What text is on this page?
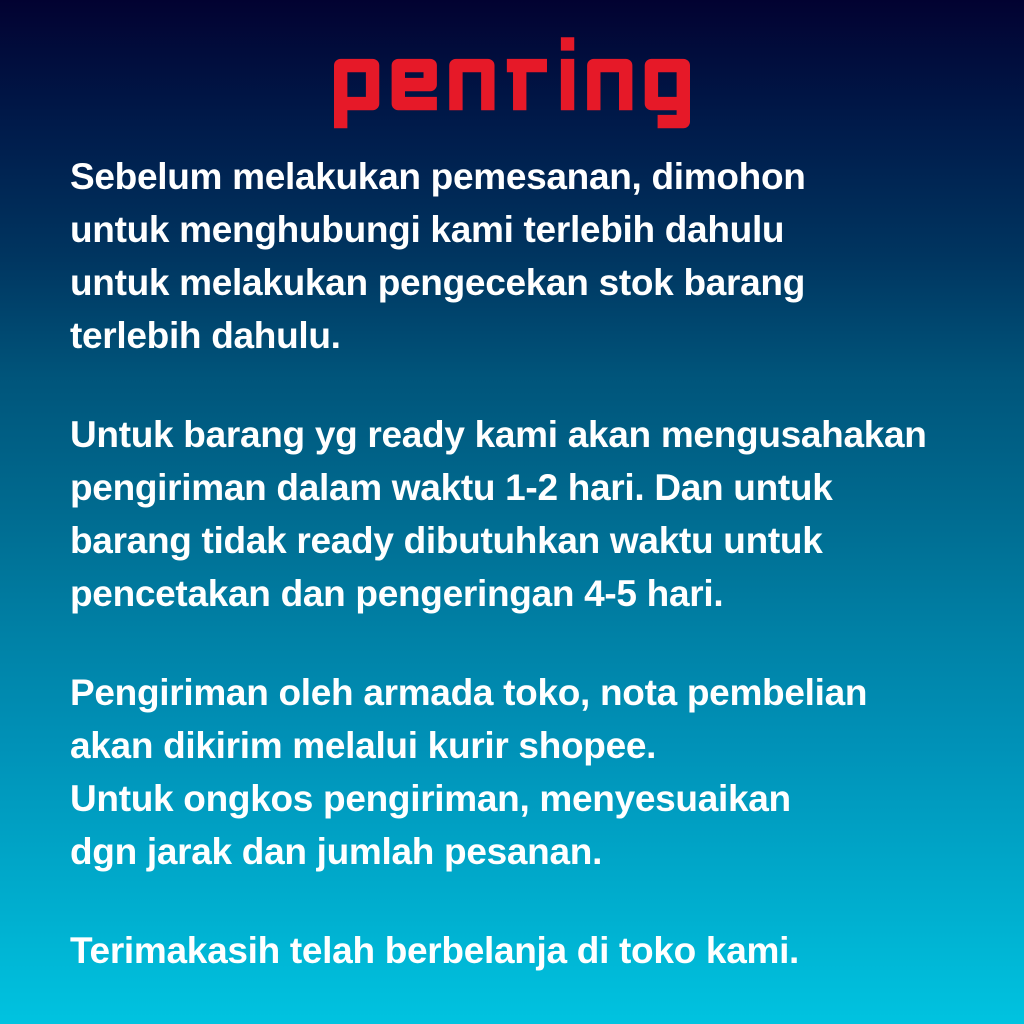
Sebelum melakukan pemesanan, dimohon
untuk menghubungi kami terlebih dahulu
untuk melakukan pengecekan stok barang
terlebih dahulu.
Untuk barang yg ready kami akan mengusahakan
pengiriman dalam waktu 1-2 hari. Dan untuk
barang tidak ready dibutuhkan waktu untuk
pencetakan dan pengeringan 4-5 hari.
Pengiriman oleh armada toko, nota pembelian
akan dikirim melalui kurir shopee.
Untuk ongkos pengiriman, menyesuaikan
dgn jarak dan jumlah pesanan.
Terimakasih telah berbelanja di toko kami.
